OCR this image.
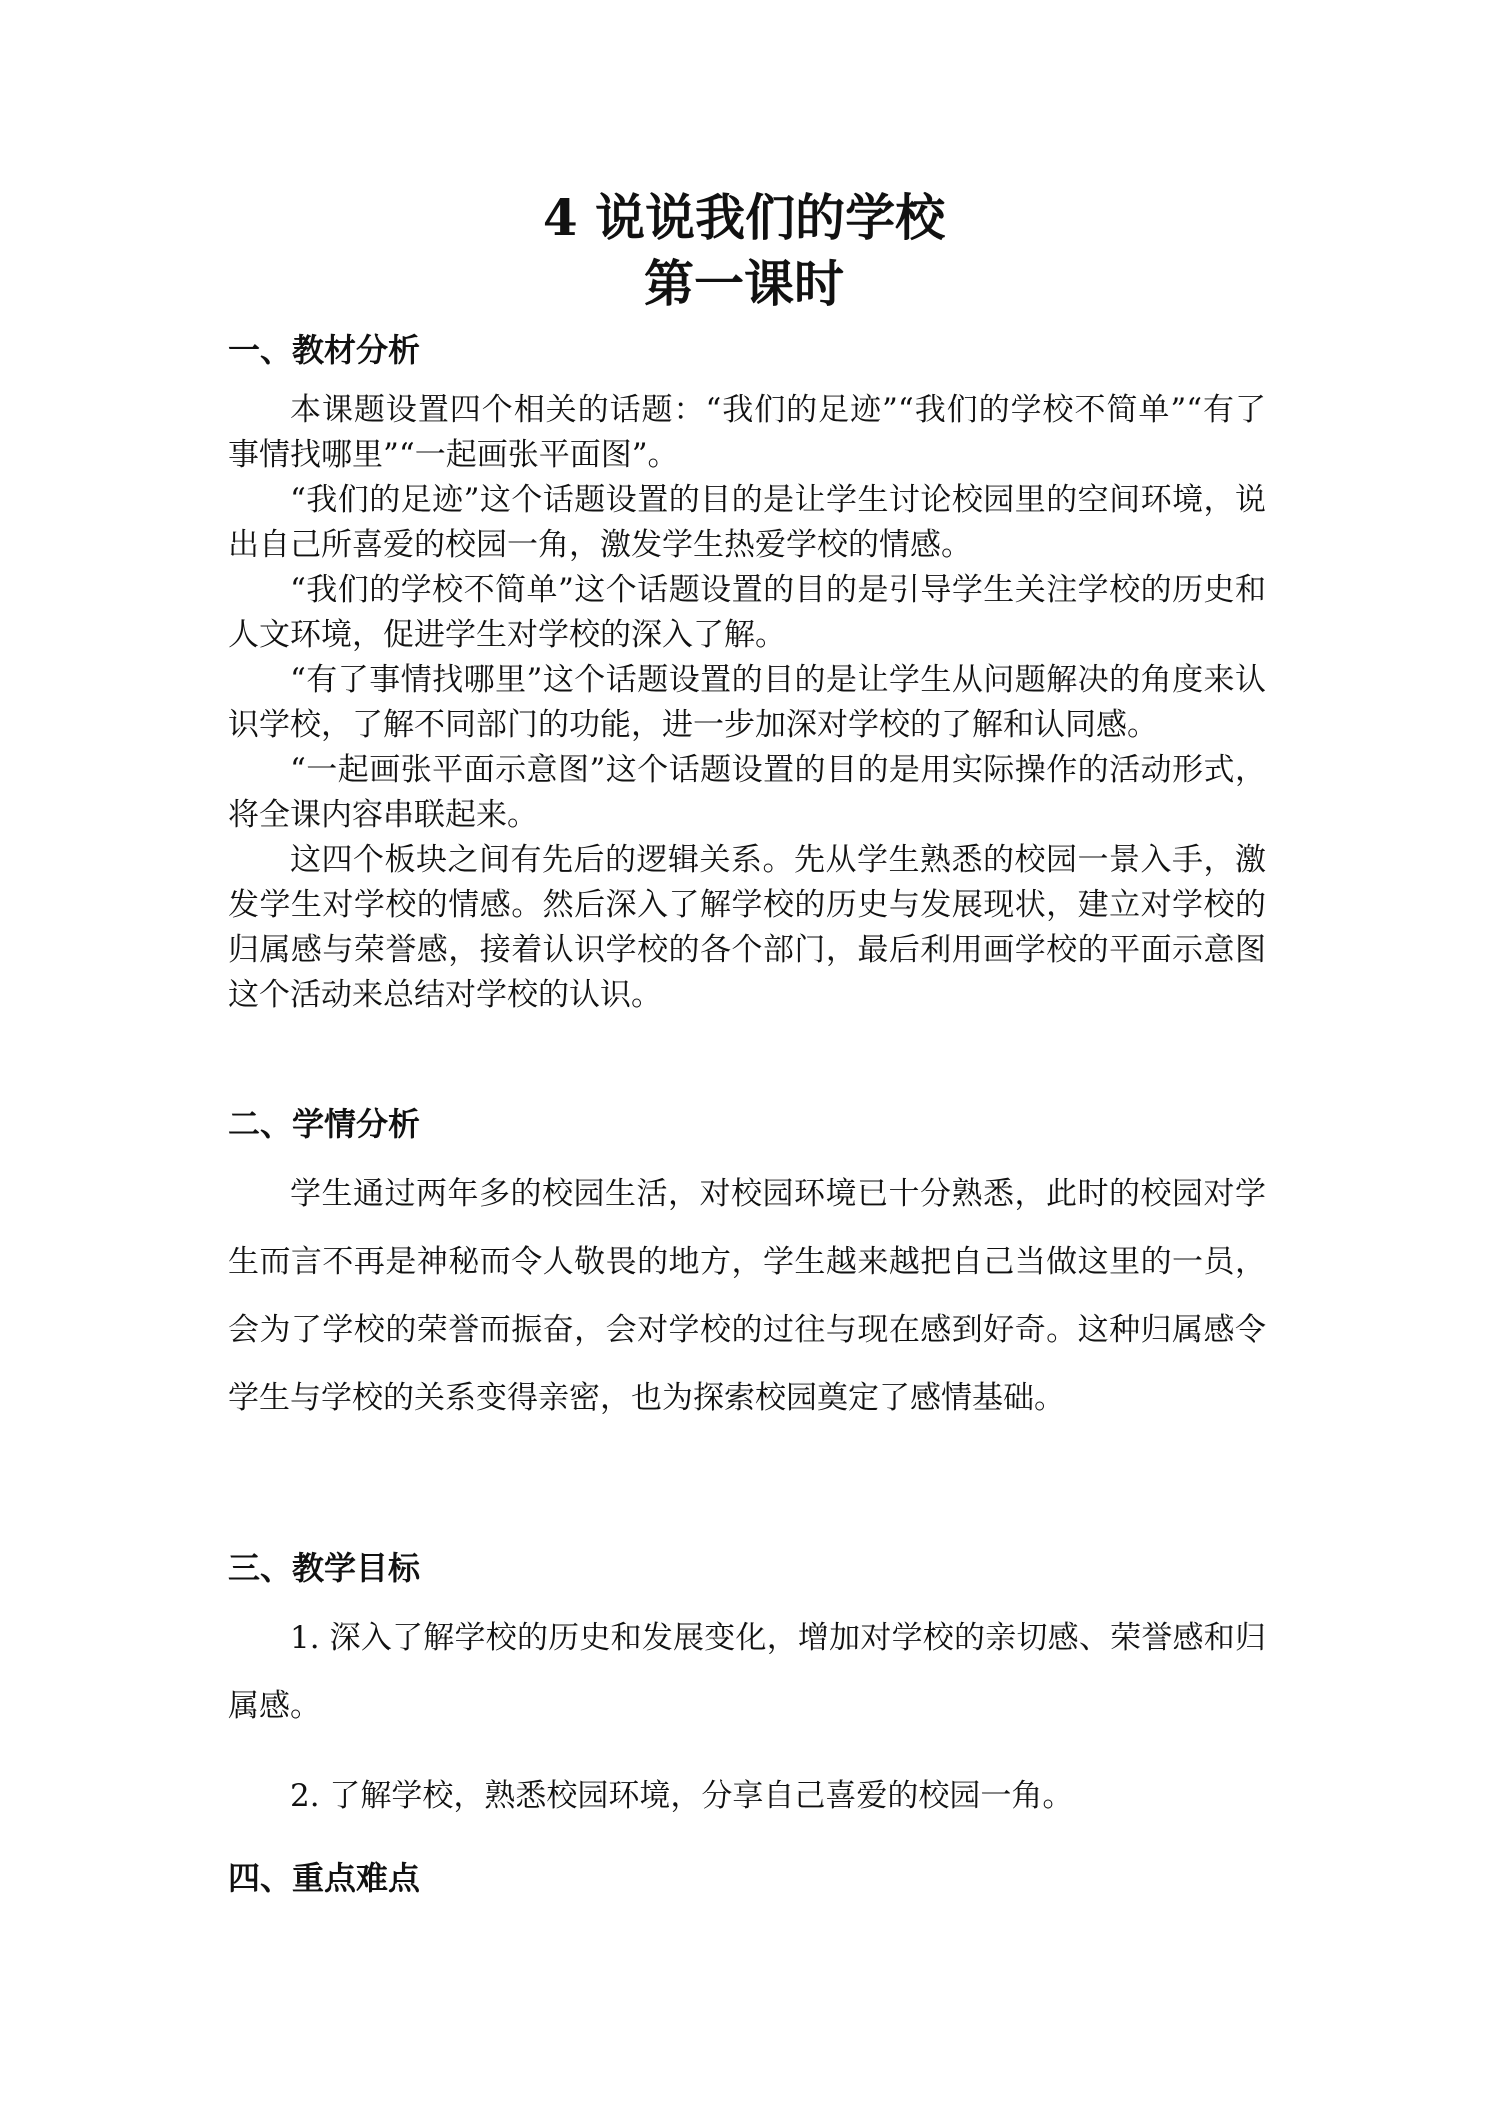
4 说说我们的学校
第一课时
一、教材分析

本课题设置四个相关的话题：“我们的足迹”“我们的学校不简单”“有了事情找哪里”“一起画张平面图”。

“我们的足迹”这个话题设置的目的是让学生讨论校园里的空间环境，说出自己所喜爱的校园一角，激发学生热爱学校的情感。

“我们的学校不简单”这个话题设置的目的是引导学生关注学校的历史和人文环境，促进学生对学校的深入了解。

“有了事情找哪里”这个话题设置的目的是让学生从问题解决的角度来认识学校，了解不同部门的功能，进一步加深对学校的了解和认同感。

“一起画张平面示意图”这个话题设置的目的是用实际操作的活动形式，将全课内容串联起来。

这四个板块之间有先后的逻辑关系。先从学生熟悉的校园一景入手，激发学生对学校的情感。然后深入了解学校的历史与发展现状，建立对学校的归属感与荣誉感，接着认识学校的各个部门，最后利用画学校的平面示意图这个活动来总结对学校的认识。

二、学情分析

学生通过两年多的校园生活，对校园环境已十分熟悉，此时的校园对学生而言不再是神秘而令人敬畏的地方，学生越来越把自己当做这里的一员，会为了学校的荣誉而振奋，会对学校的过往与现在感到好奇。这种归属感令学生与学校的关系变得亲密，也为探索校园奠定了感情基础。

三、教学目标

1. 深入了解学校的历史和发展变化，增加对学校的亲切感、荣誉感和归属感。

2. 了解学校，熟悉校园环境，分享自己喜爱的校园一角。

四、重点难点
